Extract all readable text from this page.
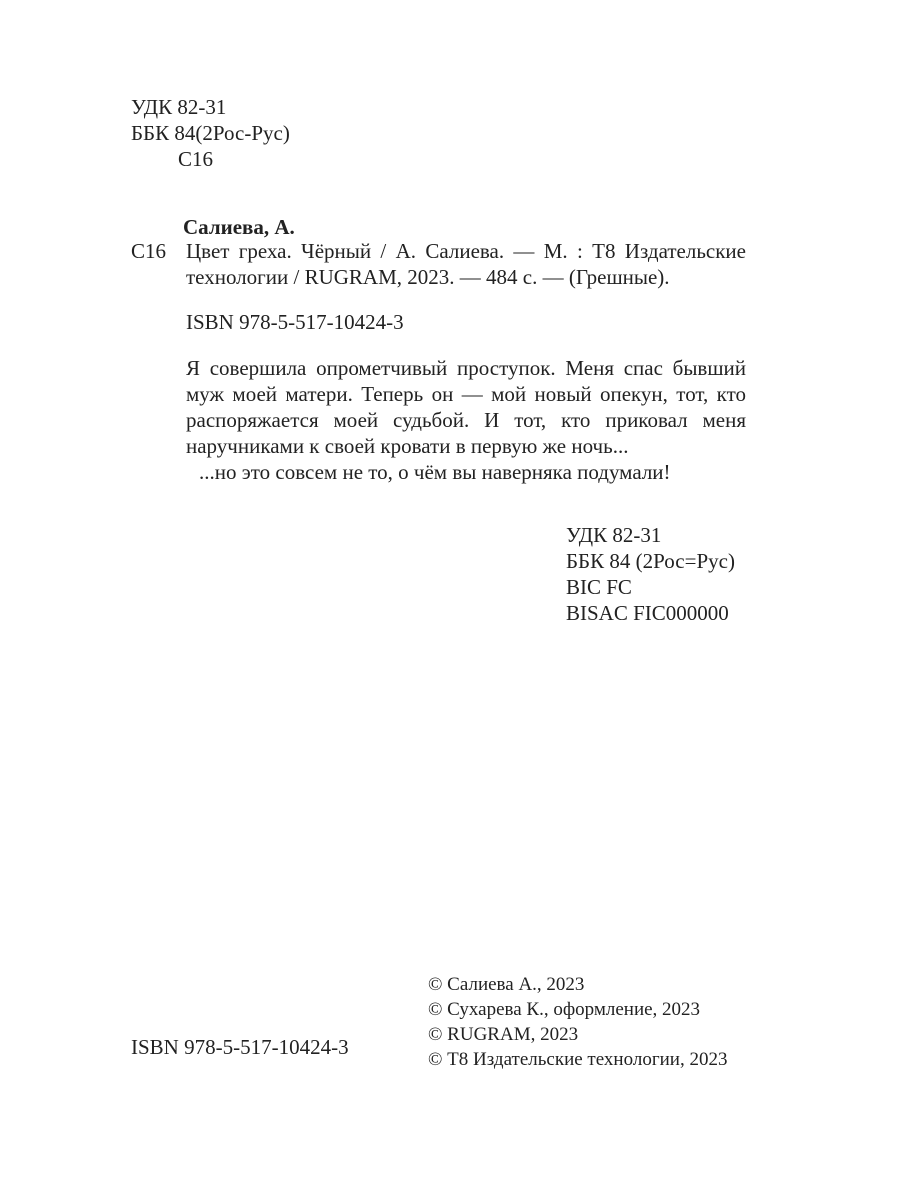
УДК 82-31
ББК 84(2Рос-Рус)
С16
Салиева, А.
С16 Цвет греха. Чёрный / А. Салиева. — М. : Т8 Издательские технологии / RUGRAM, 2023. — 484 с. — (Грешные).
ISBN 978-5-517-10424-3
Я совершила опрометчивый проступок. Меня спас бывший муж моей матери. Теперь он — мой новый опекун, тот, кто распоряжается моей судьбой. И тот, кто приковал меня наручниками к своей кровати в первую же ночь...
...но это совсем не то, о чём вы наверняка подумали!
УДК 82-31
ББК 84 (2Рос=Рус)
BIC FC
BISAC FIC000000
© Салиева А., 2023
© Сухарева К., оформление, 2023
© RUGRAM, 2023
© Т8 Издательские технологии, 2023
ISBN 978-5-517-10424-3
